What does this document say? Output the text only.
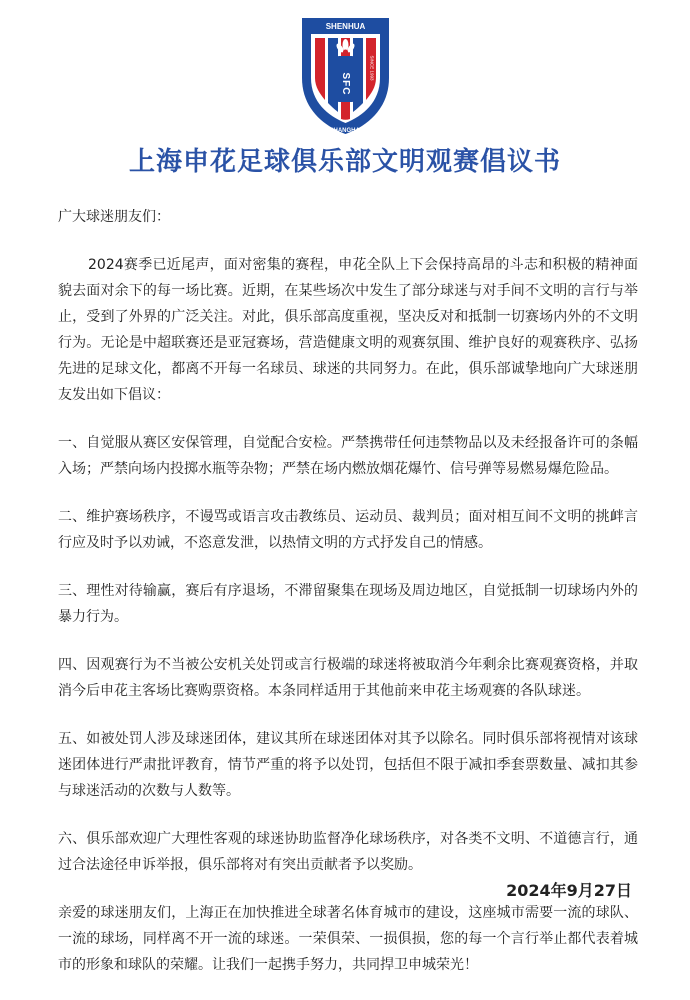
SHENHUA
SFC
SINCE 1993
SHANGHAI
上海申花足球俱乐部文明观赛倡议书

广大球迷朋友们：

2024赛季已近尾声，面对密集的赛程，申花全队上下会保持高昂的斗志和积极的精神面貌去面对余下的每一场比赛。近期，在某些场次中发生了部分球迷与对手间不文明的言行与举止，受到了外界的广泛关注。对此，俱乐部高度重视，坚决反对和抵制一切赛场内外的不文明行为。无论是中超联赛还是亚冠赛场，营造健康文明的观赛氛围、维护良好的观赛秩序、弘扬先进的足球文化，都离不开每一名球员、球迷的共同努力。在此，俱乐部诚挚地向广大球迷朋友发出如下倡议：

一、自觉服从赛区安保管理，自觉配合安检。严禁携带任何违禁物品以及未经报备许可的条幅入场；严禁向场内投掷水瓶等杂物；严禁在场内燃放烟花爆竹、信号弹等易燃易爆危险品。

二、维护赛场秩序，不谩骂或语言攻击教练员、运动员、裁判员；面对相互间不文明的挑衅言行应及时予以劝诫，不恣意发泄，以热情文明的方式抒发自己的情感。

三、理性对待输赢，赛后有序退场，不滞留聚集在现场及周边地区，自觉抵制一切球场内外的暴力行为。

四、因观赛行为不当被公安机关处罚或言行极端的球迷将被取消今年剩余比赛观赛资格，并取消今后申花主客场比赛购票资格。本条同样适用于其他前来申花主场观赛的各队球迷。

五、如被处罚人涉及球迷团体，建议其所在球迷团体对其予以除名。同时俱乐部将视情对该球迷团体进行严肃批评教育，情节严重的将予以处罚，包括但不限于减扣季套票数量、减扣其参与球迷活动的次数与人数等。

六、俱乐部欢迎广大理性客观的球迷协助监督净化球场秩序，对各类不文明、不道德言行，通过合法途径申诉举报，俱乐部将对有突出贡献者予以奖励。

亲爱的球迷朋友们，上海正在加快推进全球著名体育城市的建设，这座城市需要一流的球队、一流的球场，同样离不开一流的球迷。一荣俱荣、一损俱损，您的每一个言行举止都代表着城市的形象和球队的荣耀。让我们一起携手努力，共同捍卫申城荣光！

2024年9月27日
